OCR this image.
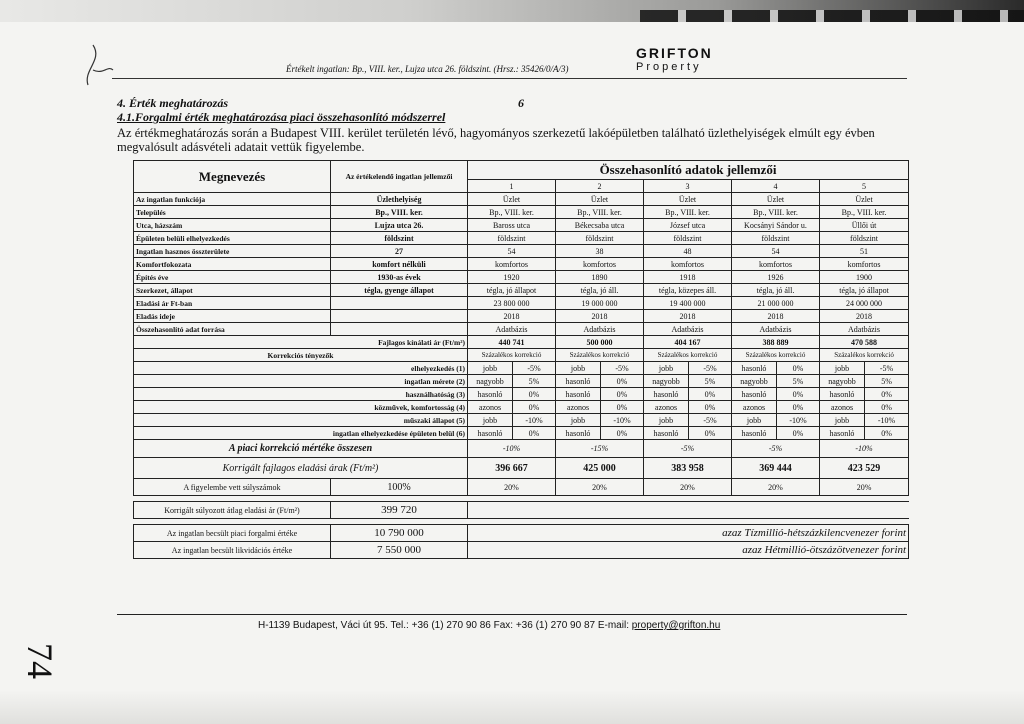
Értékelt ingatlan: Bp., VIII. ker., Lujza utca 26. földszint. (Hrsz.: 35426/0/A/3)
GRIFTON
Property
4. Érték meghatározás	6
4.1.Forgalmi érték meghatározása piaci összehasonlító módszerrel
Az értékmeghatározás során a Budapest VIII. kerület területén lévő, hagyományos szerkezetű lakóépületben található üzlethelyiségek elmúlt egy évben megvalósult adásvételi adatait vettük figyelembe.
Megnevezés	Az értékelendő ingatlan jellemzői	Összehasonlító adatok jellemzői									
		1		2		3		4		5	
Az ingatlan funkciója	Üzlethelyiség	Üzlet		Üzlet		Üzlet		Üzlet		Üzlet	
Település	Bp., VIII. ker.	Bp., VIII. ker.		Bp., VIII. ker.		Bp., VIII. ker.		Bp., VIII. ker.		Bp., VIII. ker.	
Utca, házszám	Lujza utca 26.	Baross utca		Békecsaba utca		József utca		Kocsányi Sándor u.		Üllői út	
Épületen belüli elhelyezkedés	földszint	földszint		földszint		földszint		földszint		földszint	
Ingatlan hasznos összterülete	27	54		38		48		54		51	
Komfortfokozata	komfort nélküli	komfortos		komfortos		komfortos		komfortos		komfortos	
Építés éve	1930-as évek	1920		1890		1918		1926		1900	
Szerkezet, állapot	tégla, gyenge állapot	tégla, jó állapot		tégla, jó áll.		tégla, közepes áll.		tégla, jó áll.		tégla, jó állapot	
Eladási ár Ft-ban		23 800 000		19 000 000		19 400 000		21 000 000		24 000 000	
Eladás ideje		2018		2018		2018		2018		2018	
Összehasonlító adat forrása		Adatbázis		Adatbázis		Adatbázis		Adatbázis		Adatbázis	
Fajlagos kínálati ár (Ft/m²)		440 741		500 000		404 167		388 889		470 588	
Korrekciós tényezők		Százalékos korrekció		Százalékos korrekció		Százalékos korrekció		Százalékos korrekció		Százalékos korrekció	
elhelyezkedés (1)		jobb	-5%	jobb	-5%	jobb	-5%	hasonló	0%	jobb	-5%
ingatlan mérete (2)		nagyobb	5%	hasonló	0%	nagyobb	5%	nagyobb	5%	nagyobb	5%
használhatóság (3)		hasonló	0%	hasonló	0%	hasonló	0%	hasonló	0%	hasonló	0%
közművek, komfortosság (4)		azonos	0%	azonos	0%	azonos	0%	azonos	0%	azonos	0%
műszaki állapot (5)		jobb	-10%	jobb	-10%	jobb	-5%	jobb	-10%	jobb	-10%
ingatlan elhelyezkedése épületen belül (6)		hasonló	0%	hasonló	0%	hasonló	0%	hasonló	0%	hasonló	0%
A piaci korrekció mértéke összesen		-10%		-15%		-5%		-5%		-10%	
Korrigált fajlagos eladási árak (Ft/m²)		396 667		425 000		383 958		369 444		423 529	
A figyelembe vett súlyszámok	100%	20%		20%		20%		20%		20%	

Korrigált súlyozott átlag eladási ár (Ft/m²)	399 720										

Az ingatlan becsült piaci forgalmi értéke	10 790 000	azaz Tízmillió-hétszázkilencvenezer forint									
Az ingatlan becsült likvidációs értéke	7 550 000	azaz Hétmillió-ötszázötvenezer forint									
H-1139 Budapest, Váci út 95. Tel.: +36 (1) 270 90 86 Fax: +36 (1) 270 90 87 E-mail: property@grifton.hu
74
